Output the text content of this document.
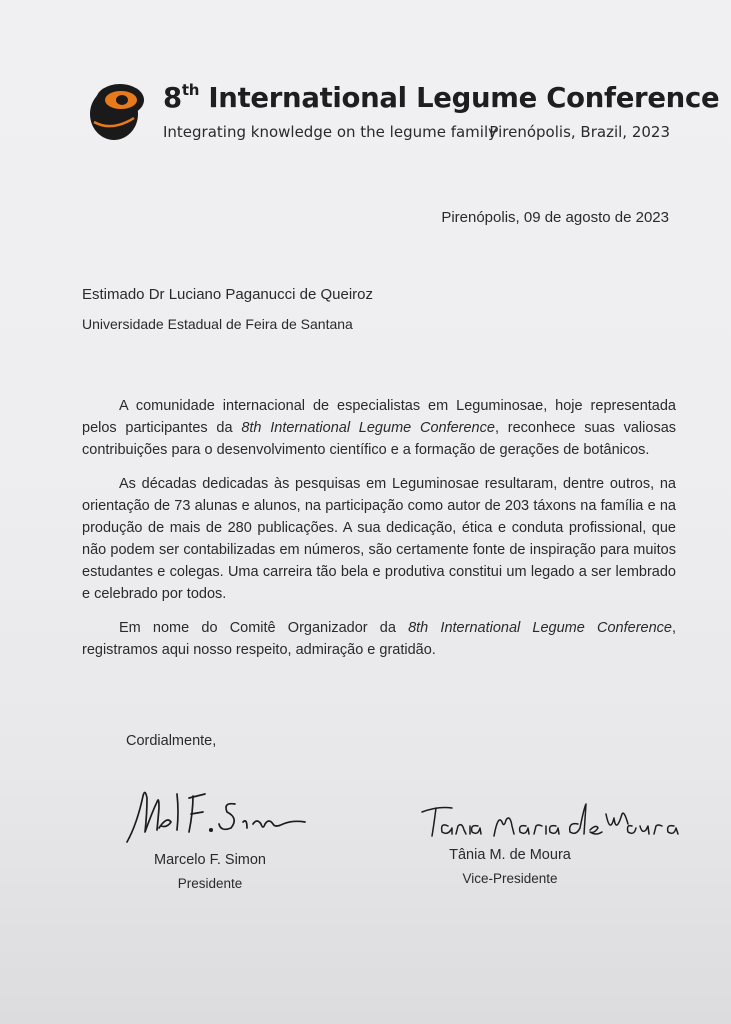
8th International Legume Conference
Integrating knowledge on the legume family
Pirenópolis, Brazil, 2023
Pirenópolis, 09 de agosto de 2023
Estimado Dr Luciano Paganucci de Queiroz
Universidade Estadual de Feira de Santana

A comunidade internacional de especialistas em Leguminosae, hoje representada pelos participantes da 8th International Legume Conference, reconhece suas valiosas contribuições para o desenvolvimento científico e a formação de gerações de botânicos.

As décadas dedicadas às pesquisas em Leguminosae resultaram, dentre outros, na orientação de 73 alunas e alunos, na participação como autor de 203 táxons na família e na produção de mais de 280 publicações. A sua dedicação, ética e conduta profissional, que não podem ser contabilizadas em números, são certamente fonte de inspiração para muitos estudantes e colegas. Uma carreira tão bela e produtiva constitui um legado a ser lembrado e celebrado por todos.

Em nome do Comitê Organizador da 8th International Legume Conference, registramos aqui nosso respeito, admiração e gratidão.

Cordialmente,
Marcelo F. Simon
Presidente
Tânia M. de Moura
Vice-Presidente
